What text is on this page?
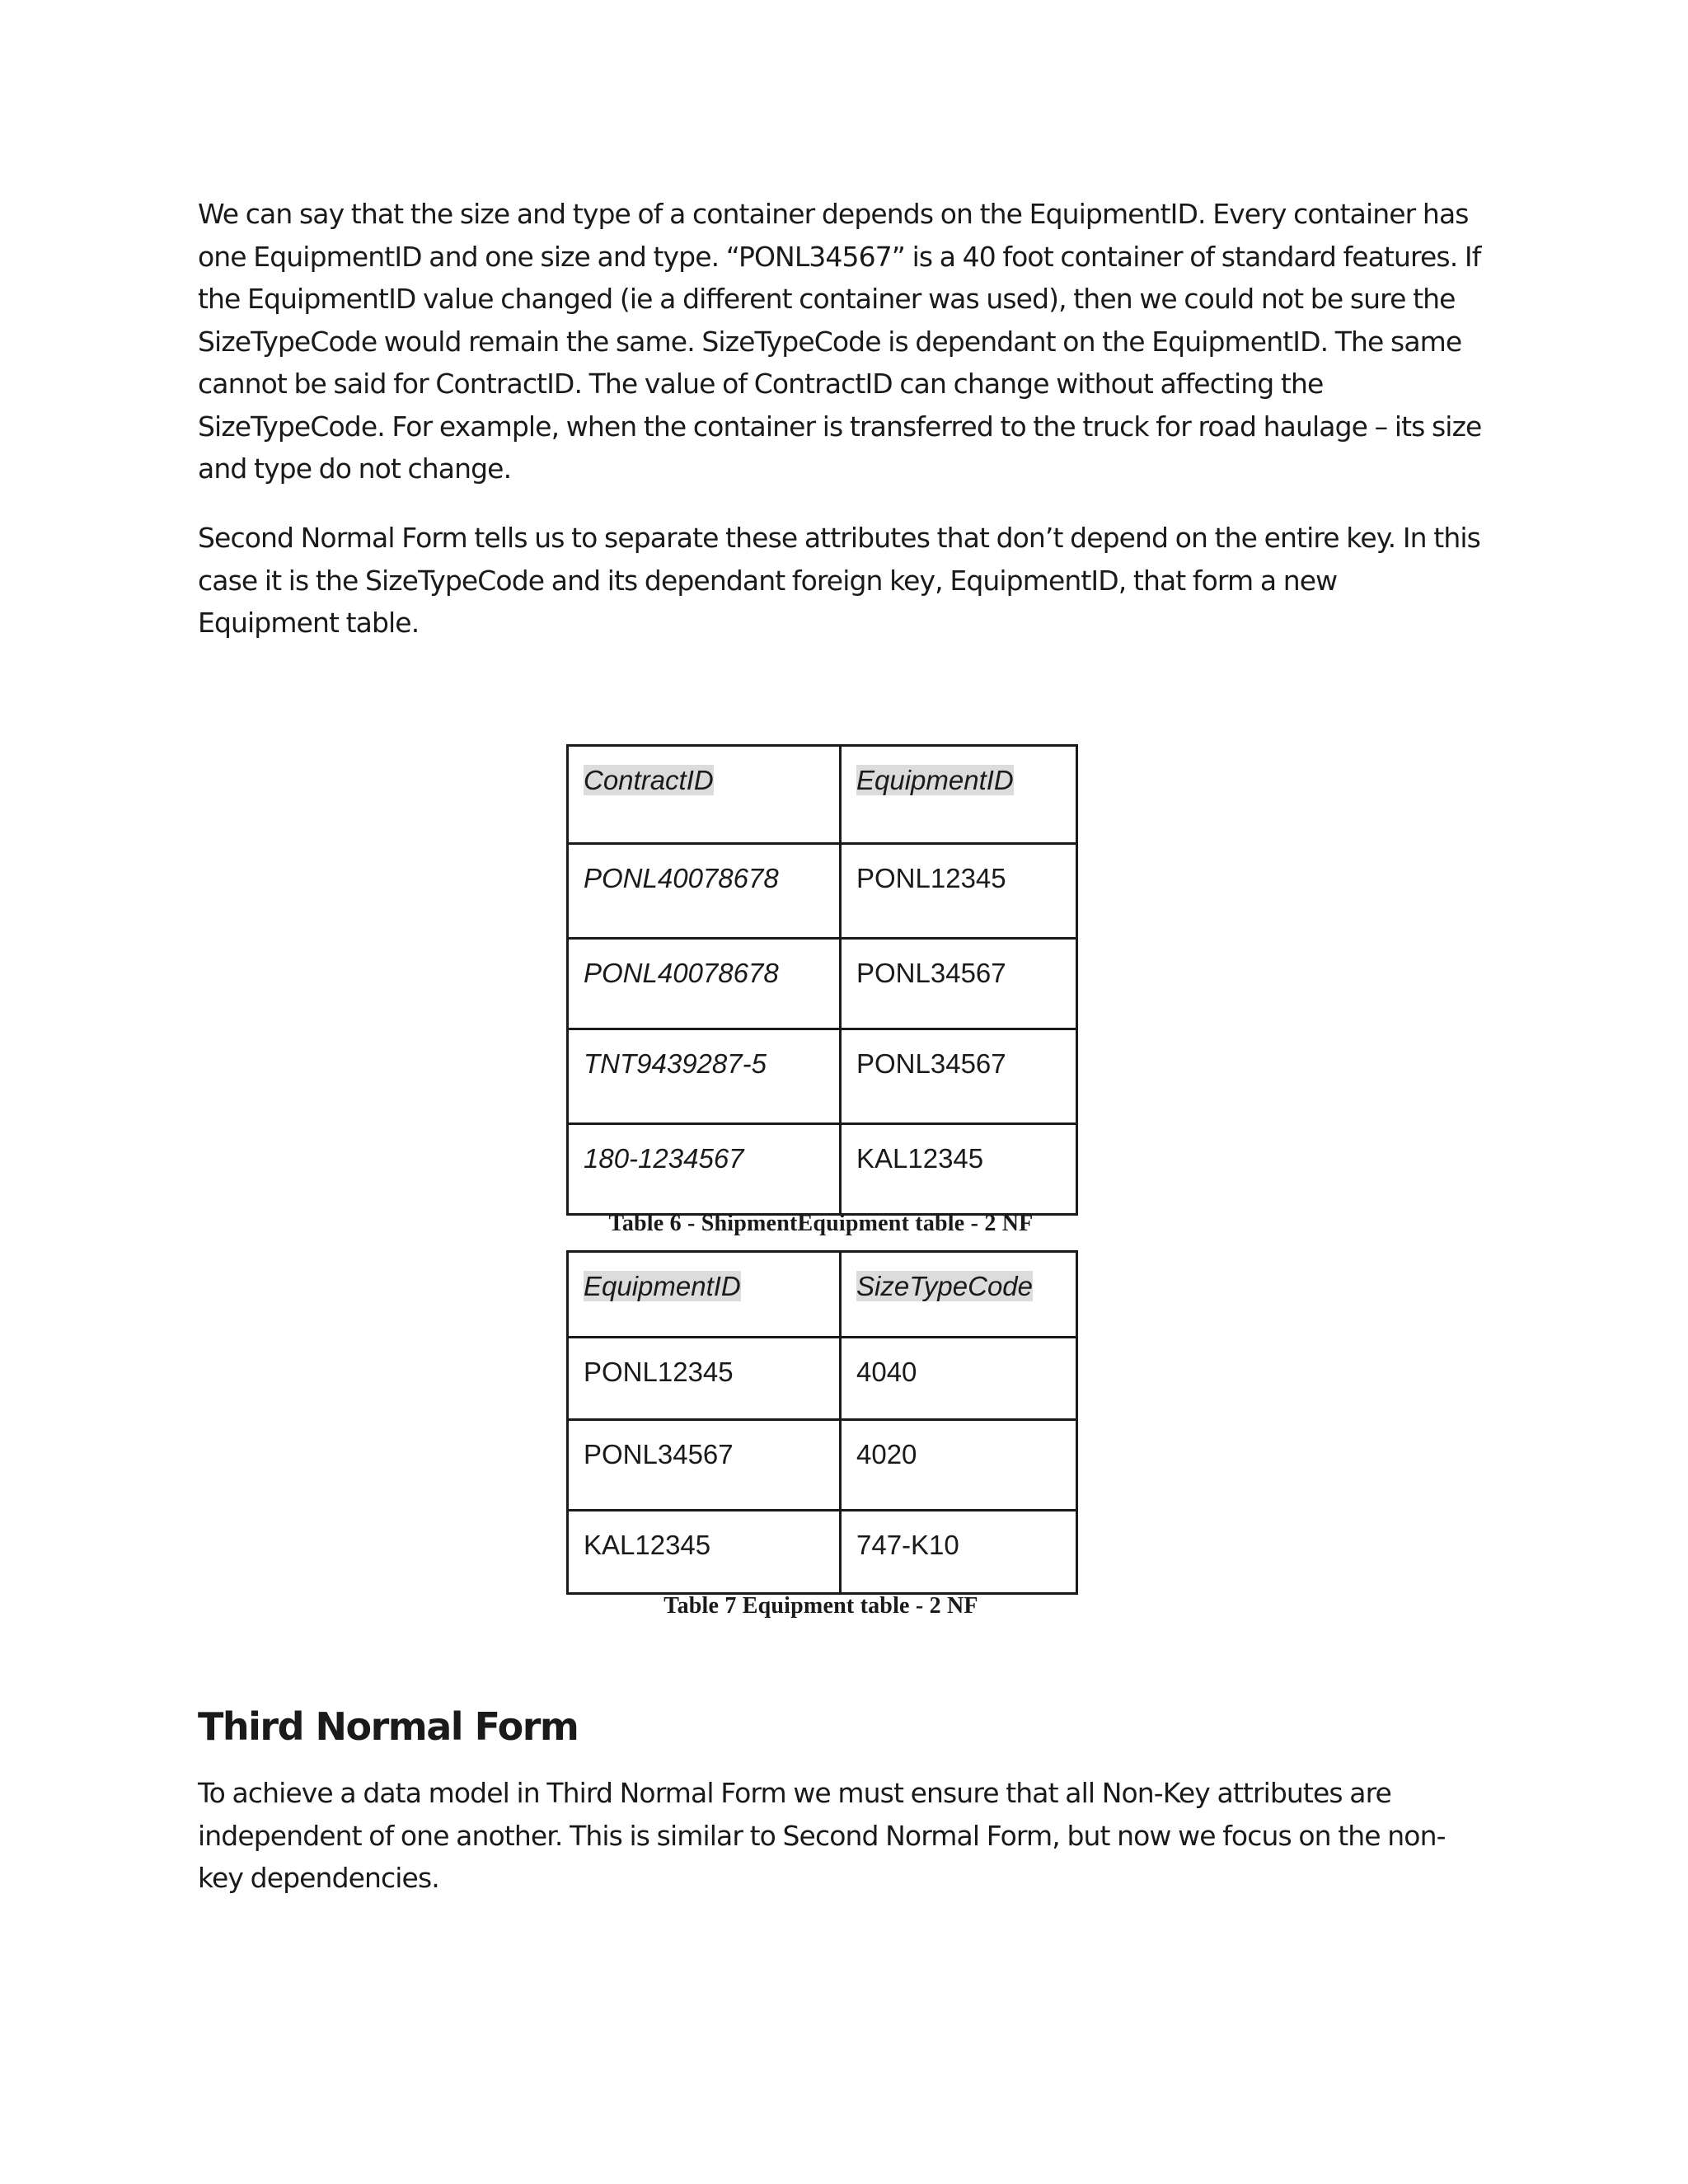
We can say that the size and type of a container depends on the EquipmentID. Every container has one EquipmentID and one size and type. “PONL34567” is a 40 foot container of standard features. If the EquipmentID value changed (ie a different container was used), then we could not be sure the SizeTypeCode would remain the same. SizeTypeCode is dependant on the EquipmentID. The same cannot be said for ContractID. The value of ContractID can change without affecting the SizeTypeCode. For example, when the container is transferred to the truck for road haulage – its size and type do not change.

Second Normal Form tells us to separate these attributes that don’t depend on the entire key. In this case it is the SizeTypeCode and its dependant foreign key, EquipmentID, that form a new Equipment table.

ContractID	EquipmentID
PONL40078678	PONL12345
PONL40078678	PONL34567
TNT9439287-5	PONL34567
180-1234567	KAL12345
Table 6 - ShipmentEquipment table - 2 NF
EquipmentID	SizeTypeCode
PONL12345	4040
PONL34567	4020
KAL12345	747-K10
Table 7 Equipment table - 2 NF
Third Normal Form

To achieve a data model in Third Normal Form we must ensure that all Non-Key attributes are independent of one another. This is similar to Second Normal Form, but now we focus on the non-key dependencies.
